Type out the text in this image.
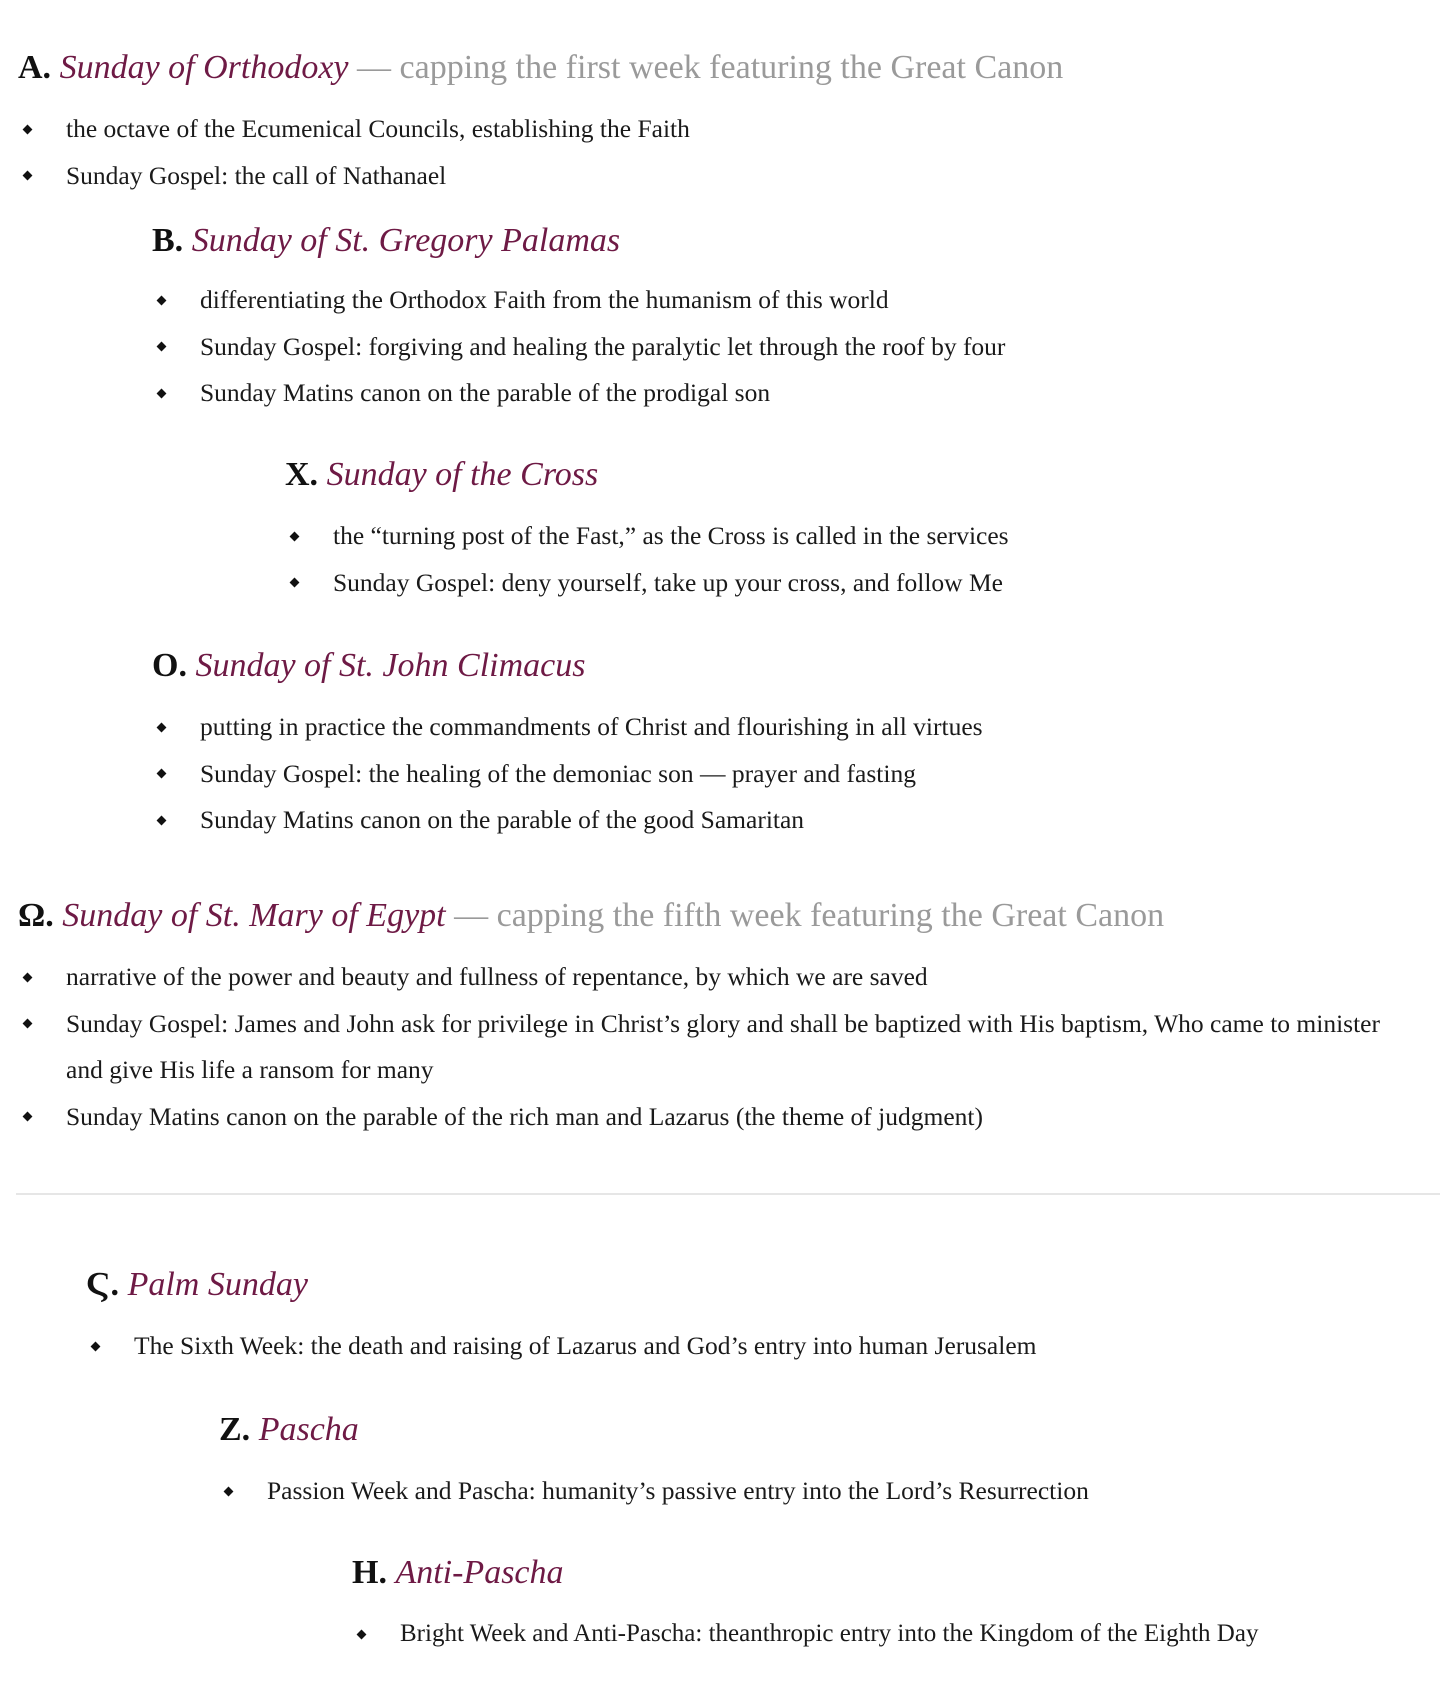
A. Sunday of Orthodoxy — capping the first week featuring the Great Canon
the octave of the Ecumenical Councils, establishing the Faith
Sunday Gospel: the call of Nathanael
B. Sunday of St. Gregory Palamas
differentiating the Orthodox Faith from the humanism of this world
Sunday Gospel: forgiving and healing the paralytic let through the roof by four
Sunday Matins canon on the parable of the prodigal son
X. Sunday of the Cross
the “turning post of the Fast,” as the Cross is called in the services
Sunday Gospel: deny yourself, take up your cross, and follow Me
O. Sunday of St. John Climacus
putting in practice the commandments of Christ and flourishing in all virtues
Sunday Gospel: the healing of the demoniac son — prayer and fasting
Sunday Matins canon on the parable of the good Samaritan
Ω. Sunday of St. Mary of Egypt — capping the fifth week featuring the Great Canon
narrative of the power and beauty and fullness of repentance, by which we are saved
Sunday Gospel: James and John ask for privilege in Christ’s glory and shall be baptized with His baptism, Who came to minister and give His life a ransom for many
Sunday Matins canon on the parable of the rich man and Lazarus (the theme of judgment)
Ϛ. Palm Sunday
The Sixth Week: the death and raising of Lazarus and God’s entry into human Jerusalem
Z. Pascha
Passion Week and Pascha: humanity’s passive entry into the Lord’s Resurrection
H. Anti-Pascha
Bright Week and Anti-Pascha: theanthropic entry into the Kingdom of the Eighth Day
